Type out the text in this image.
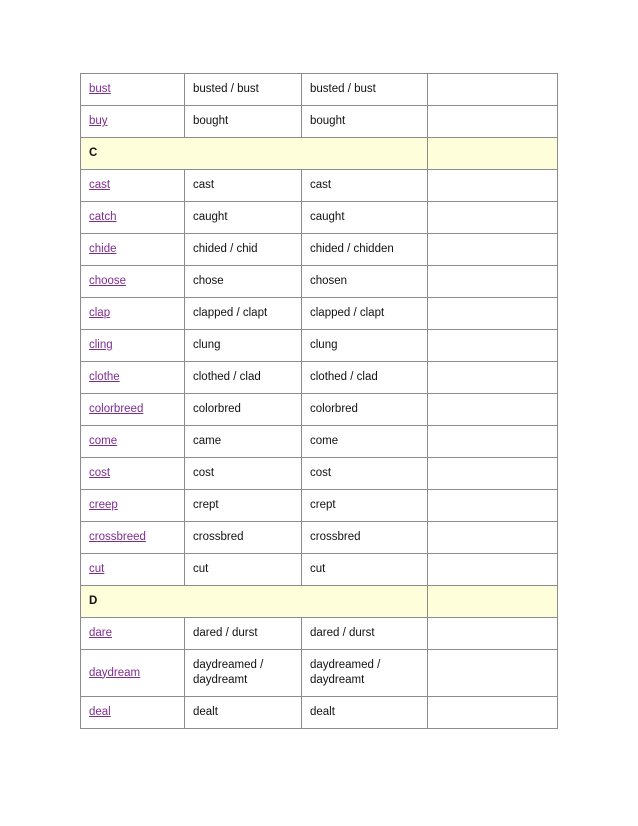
bust	busted / bust	busted / bust	
buy	bought	bought	
C			
cast	cast	cast	
catch	caught	caught	
chide	chided / chid	chided / chidden	
choose	chose	chosen	
clap	clapped / clapt	clapped / clapt	
cling	clung	clung	
clothe	clothed / clad	clothed / clad	
colorbreed	colorbred	colorbred	
come	came	come	
cost	cost	cost	
creep	crept	crept	
crossbreed	crossbred	crossbred	
cut	cut	cut	
D			
dare	dared / durst	dared / durst	
daydream	daydreamed / daydreamt	daydreamed / daydreamt	
deal	dealt	dealt	
